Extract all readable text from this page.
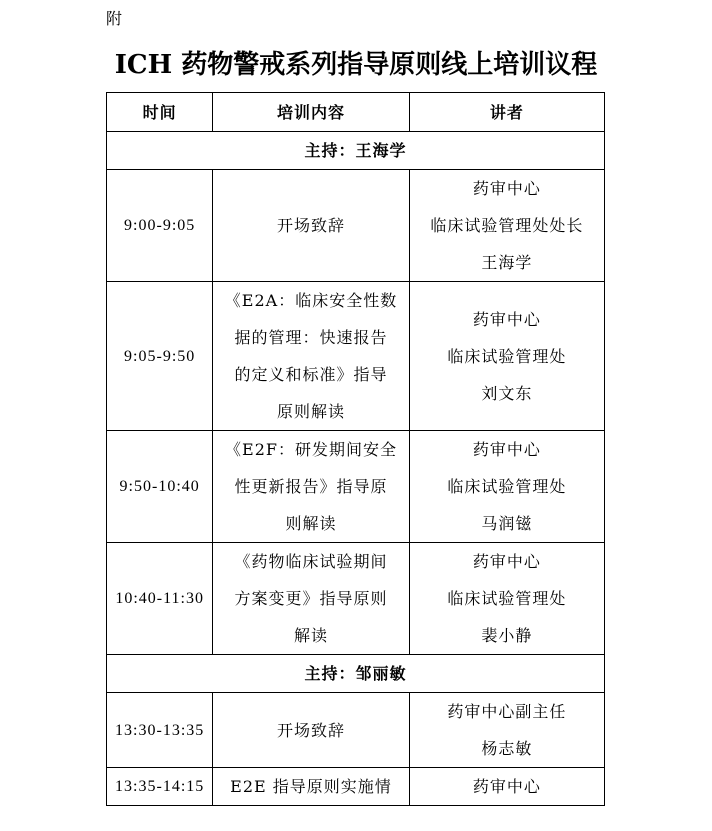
附
ICH 药物警戒系列指导原则线上培训议程
时间	培训内容	讲者
主持：王海学		
9:00-9:05	开场致辞	药审中心
临床试验管理处处长
王海学

9:05-9:50	《E2A：临床安全性数
据的管理：快速报告
的定义和标准》指导
原则解读	药审中心
临床试验管理处
刘文东

9:50-10:40	《E2F：研发期间安全
性更新报告》指导原
则解读	药审中心
临床试验管理处
马润镃

10:40-11:30	《药物临床试验期间
方案变更》指导原则
解读	药审中心
临床试验管理处
裴小静

主持：邹丽敏		
13:30-13:35	开场致辞	药审中心副主任
杨志敏

13:35-14:15	E2E 指导原则实施情	药审中心
